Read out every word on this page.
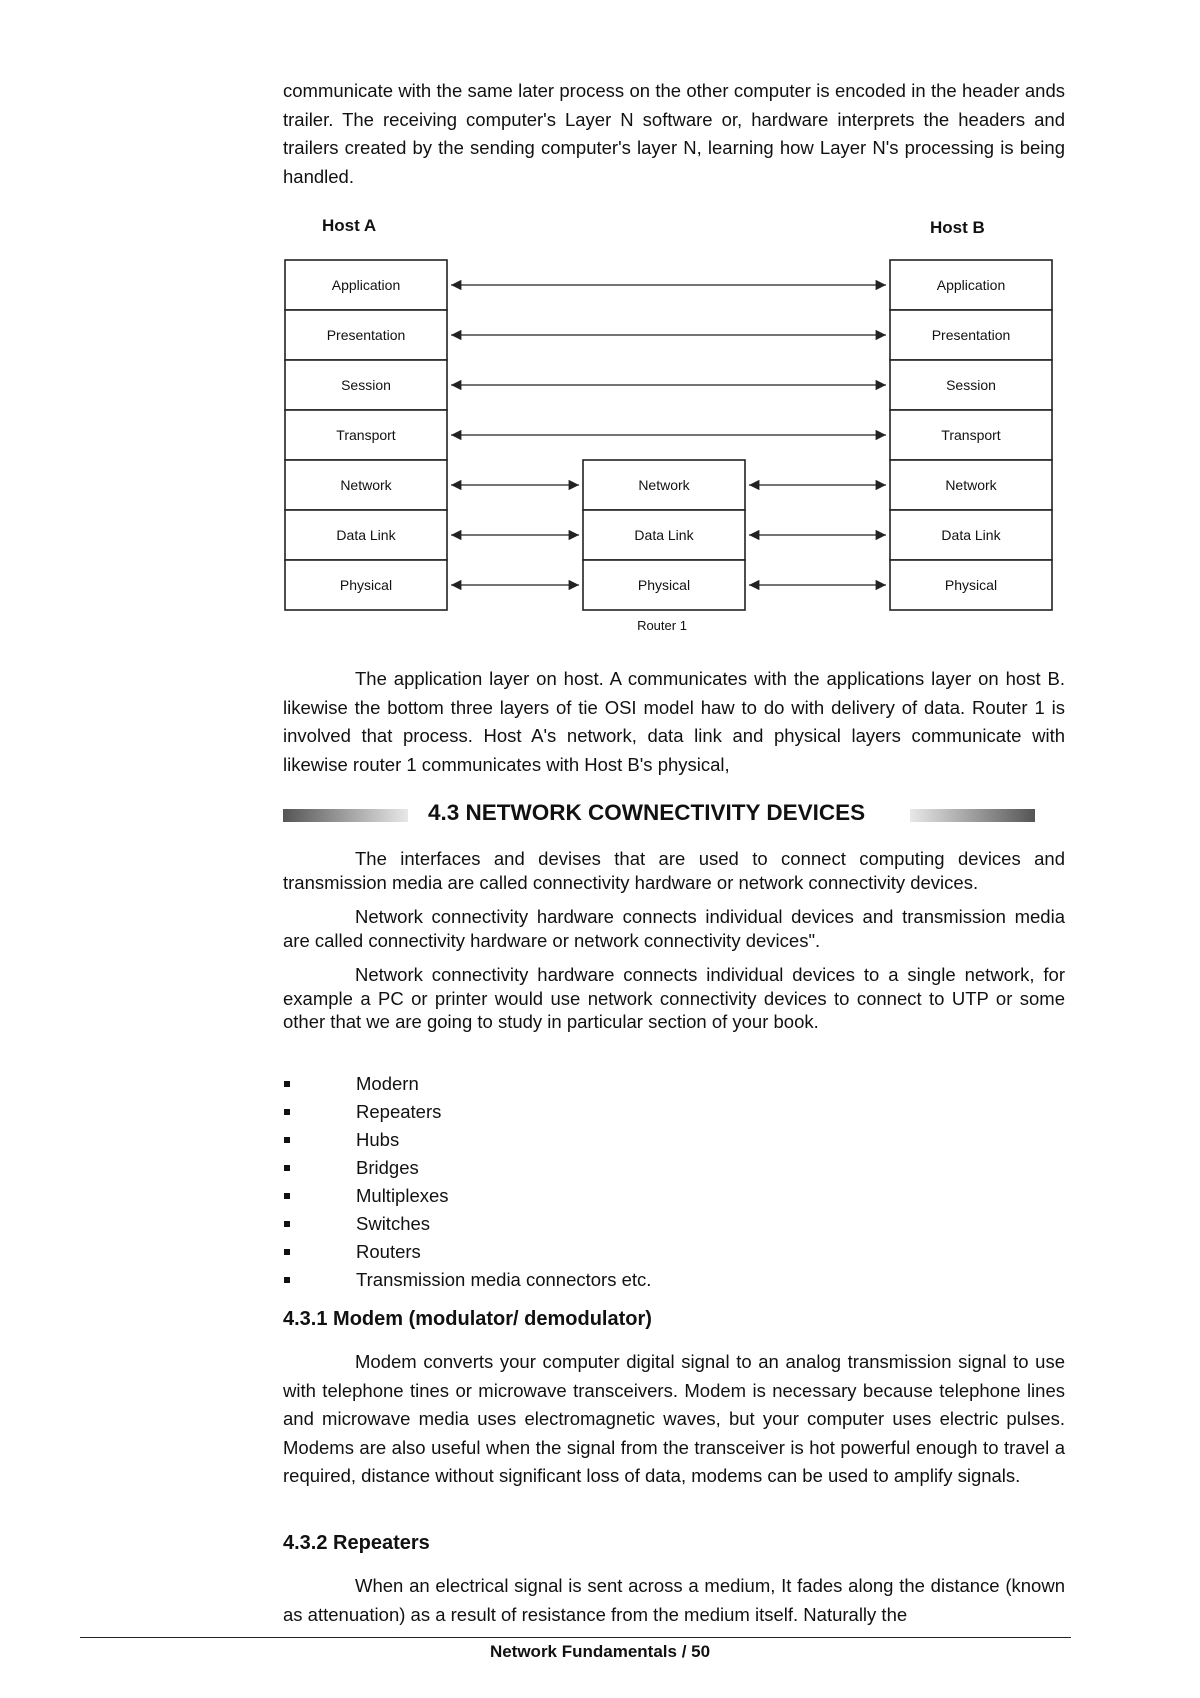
communicate with the same later process on the other computer is encoded in the header ands trailer. The receiving computer's Layer N software or, hardware interprets the headers and trailers created by the sending computer's layer N, learning how Layer N's processing is being handled.

Host A	Host B
Application
Presentation
Session
Transport
Network
Data Link
Physical
Application
Presentation
Session
Transport
Network
Data Link
Physical
Network
Data Link
Physical
Router 1

The application layer on host. A communicates with the applications layer on host B. likewise the bottom three layers of tie OSI model haw to do with delivery of data. Router 1 is involved that process. Host A's network, data link and physical layers communicate with likewise router 1 communicates with Host B's physical,

4.3 NETWORK COWNECTIVITY DEVICES

The interfaces and devises that are used to connect computing devices and transmission media are called connectivity hardware or network connectivity devices.

Network connectivity hardware connects individual devices and transmission media are called connectivity hardware or network connectivity devices".

Network connectivity hardware connects individual devices to a single network, for example a PC or printer would use network connectivity devices to connect to UTP or some other that we are going to study in particular section of your book.

Modern
Repeaters
Hubs
Bridges
Multiplexes
Switches
Routers
Transmission media connectors etc.
4.3.1 Modem (modulator/ demodulator)

Modem converts your computer digital signal to an analog transmission signal to use with telephone tines or microwave transceivers. Modem is necessary because telephone lines and microwave media uses electromagnetic waves, but your computer uses electric pulses. Modems are also useful when the signal from the transceiver is hot powerful enough to travel a required, distance without significant loss of data, modems can be used to amplify signals.

4.3.2 Repeaters

When an electrical signal is sent across a medium, It fades along the distance (known as attenuation) as a result of resistance from the medium itself. Naturally the

Network Fundamentals / 50
